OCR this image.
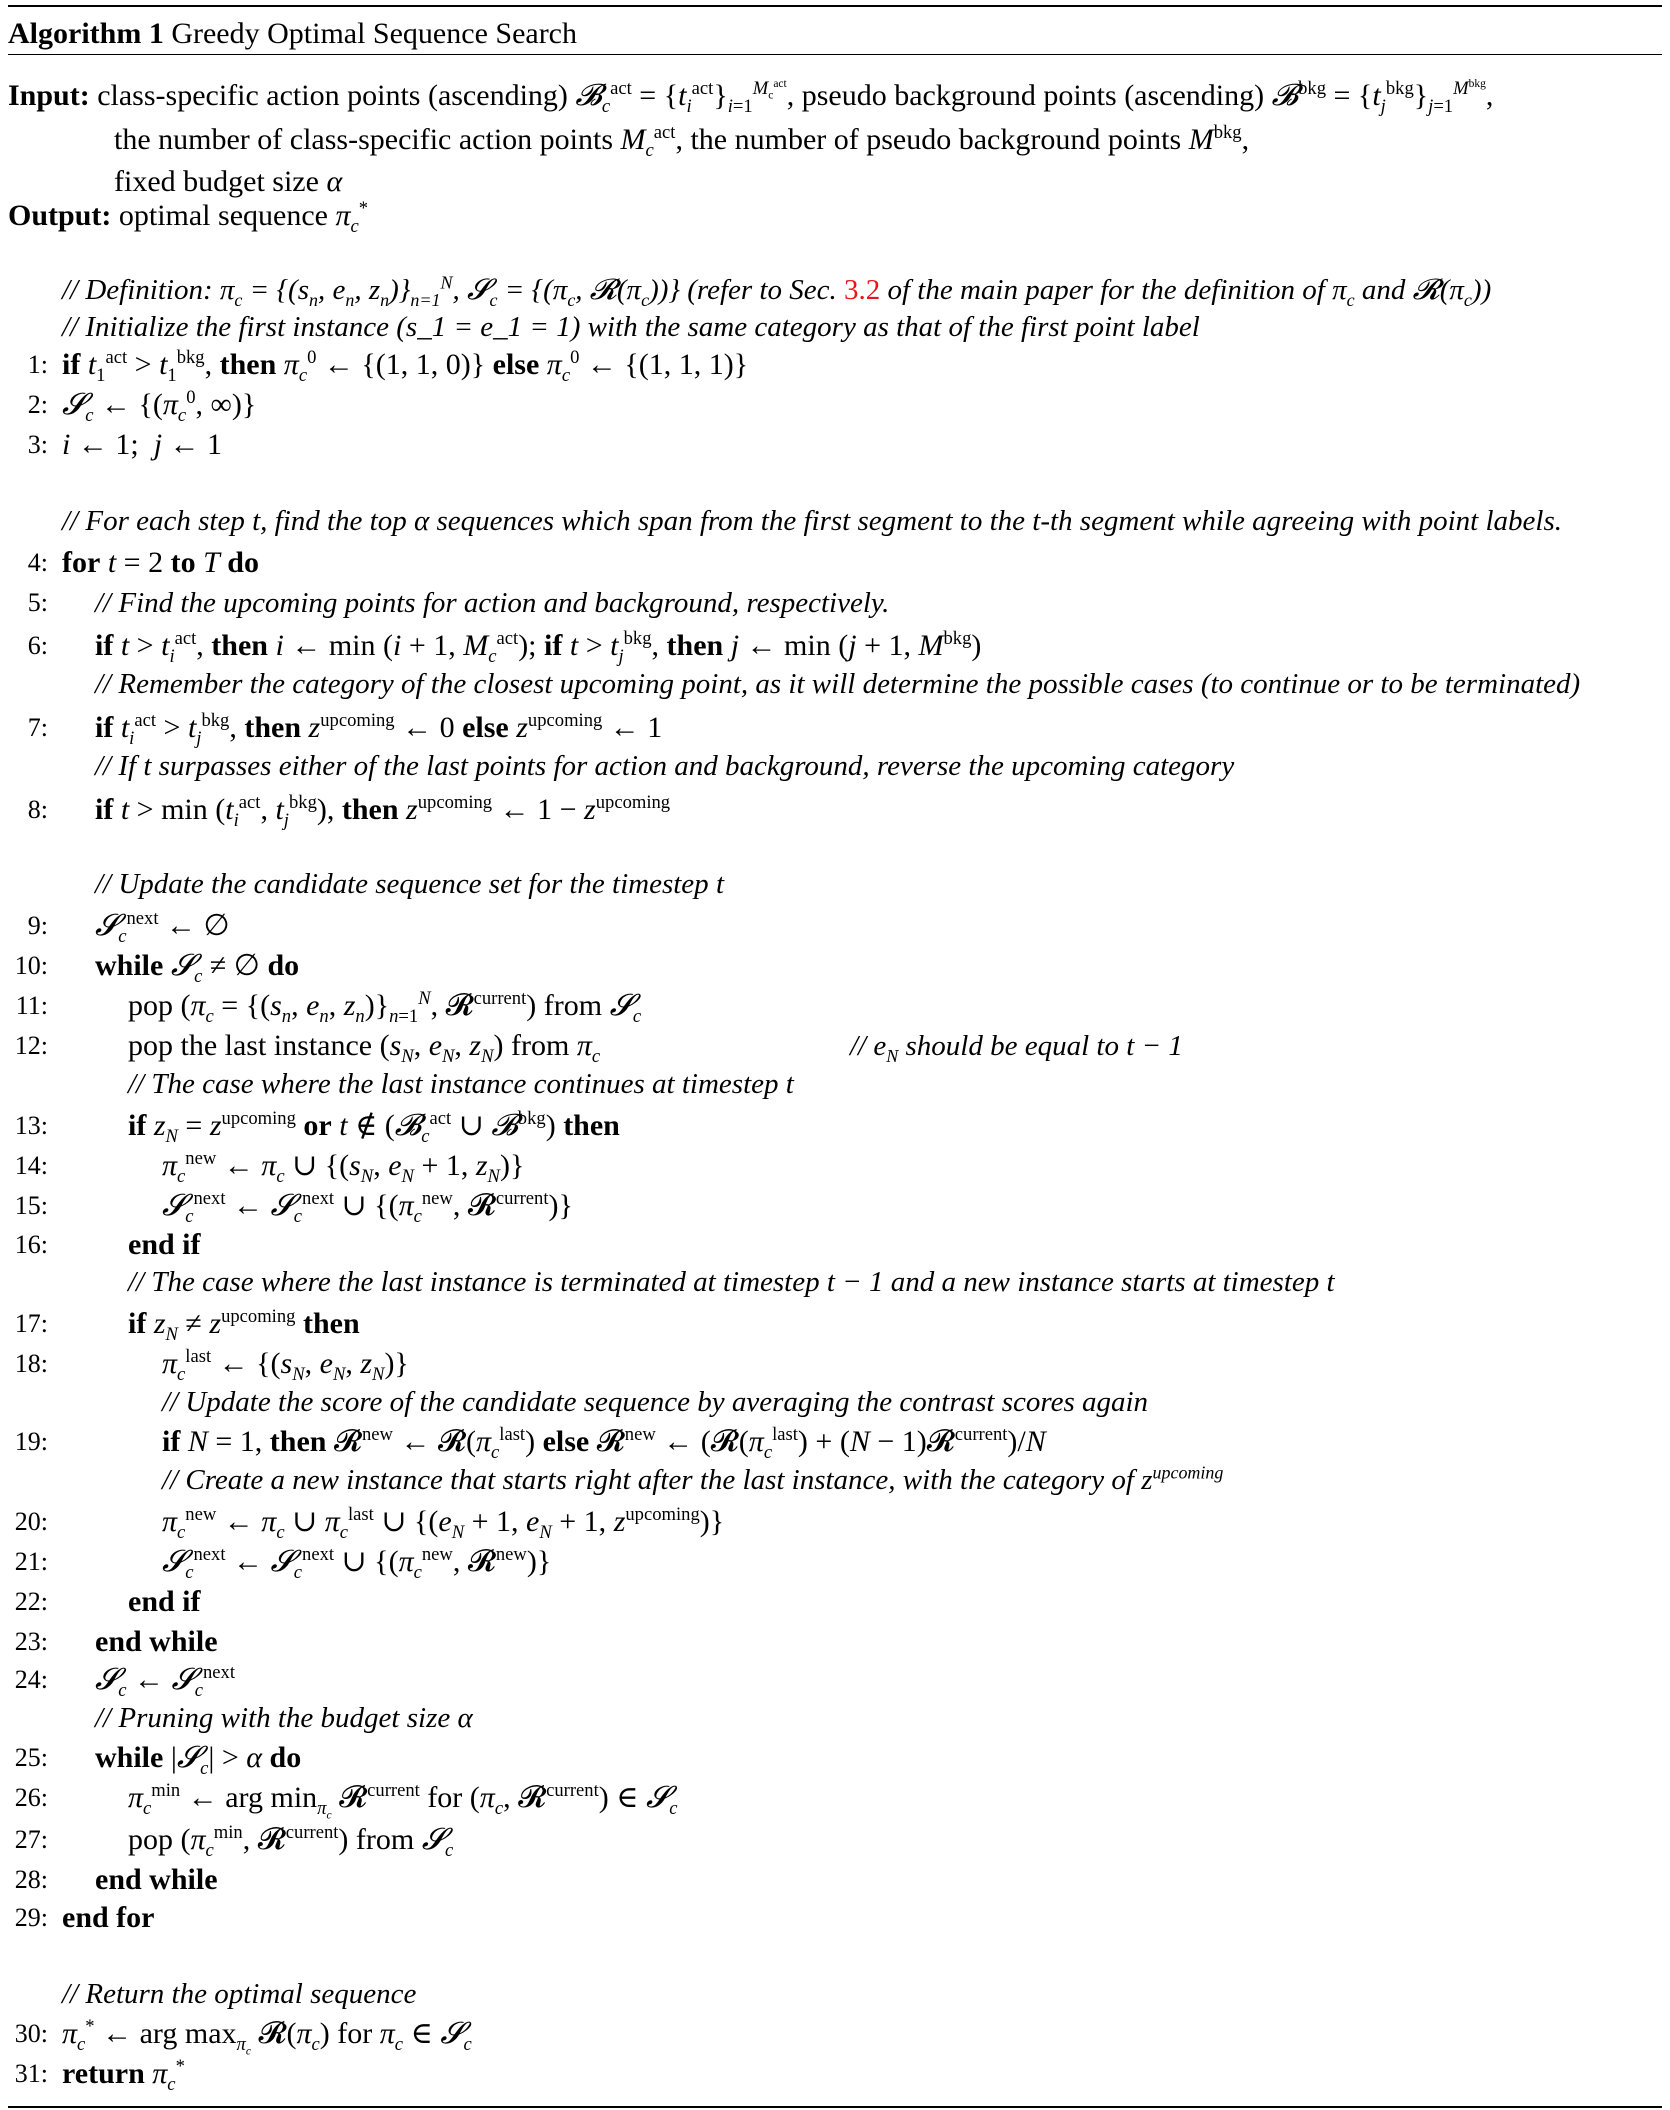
Algorithm 1 Greedy Optimal Sequence Search
Input: class-specific action points (ascending) 𝓑$_c^{act}$ = $\{t_i^{act}\}_{i=1}^{M_c^{act}}$, pseudo background points (ascending) 𝓑$^{bkg}$ = $\{t_j^{bkg}\}_{j=1}^{M^{bkg}}$,
the number of class-specific action points $M_c^{act}$, the number of pseudo background points $M^{bkg}$,
fixed budget size α
Output: optimal sequence $\pi_c^*$
// Definition: $\pi_c = \{(s_n$, $e_n$, $z_n)\}_{n=1}^N$, 𝓢$_c$ = {($\pi_c$, $𝓡(\pi_c)$)} (refer to Sec. 3.2 of the main paper for the definition of $\pi_c$ and $𝓡(\pi_c)$)
// Initialize the first instance (s_1 = e_1 = 1) with the same category as that of the first point label
1: if $t_1^{act} > t_1^{bkg}$, then $\pi_c^0$ ← {(1, 1, 0)} else $\pi_c^0$ ← {(1, 1, 1)}
2: 𝓢$_c$ ← {($\pi_c^0$, ∞)}
3: i ← 1;  j ← 1
// For each step t, find the top α sequences which span from the first segment to the t-th segment while agreeing with point labels.
4: for t = 2 to T do
5: // Find the upcoming points for action and background, respectively.
6: if $t > t_i^{act}$, then i ← min (i + 1, $M_c^{act}$); if $t > t_j^{bkg}$, then j ← min (j + 1, $M^{bkg}$)
// Remember the category of the closest upcoming point, as it will determine the possible cases (to continue or to be terminated)
7: if $t_i^{act} > t_j^{bkg}$, then $z^{upcoming}$ ← 0 else $z^{upcoming}$ ← 1
// If t surpasses either of the last points for action and background, reverse the upcoming category
8: if $t > \min (t_i^{act}$, $t_j^{bkg}$), then $z^{upcoming}$ ← $1 - z^{upcoming}$
// Update the candidate sequence set for the timestep t
9: 𝓢$_c^{next}$ ← ∅
10: while 𝓢$_c$ ≠ ∅ do
11:	pop ($\pi_c = \{(s_n$, $e_n$, $z_n)\}_{n=1}^N$, 𝓡$^{current}$) from 𝓢$_c$
12:	pop the last instance ($s_N$, $e_N$, $z_N$) from $\pi_c$	// $e_N$ should be equal to t − 1
// The case where the last instance continues at timestep t
13:	if $z_N = z^{upcoming}$ or t ∉ (𝓑$_c^{act}$ ∪ 𝓑$^{bkg}$) then
14:	$\pi_c^{new}$ ← $\pi_c$ ∪ {($s_N$, $e_N + 1$, $z_N$)}
15:	𝓢$_c^{next}$ ← 𝓢$_c^{next}$ ∪ {($\pi_c^{new}$, 𝓡$^{current}$)}
16:	end if
// The case where the last instance is terminated at timestep t − 1 and a new instance starts at timestep t
17:	if $z_N \ne z^{upcoming}$ then
18:	$\pi_c^{last}$ ← {($s_N$, $e_N$, $z_N$)}
// Update the score of the candidate sequence by averaging the contrast scores again
19:	if N = 1, then 𝓡$^{new}$ ← $𝓡(\pi_c^{last})$ else 𝓡$^{new}$ ← ($𝓡(\pi_c^{last}) + (N$ − 1)𝓡$^{current}$)/N
// Create a new instance that starts right after the last instance, with the category of $z^{upcoming}$
20:	$\pi_c^{new}$ ← $\pi_c$ ∪ $\pi_c^{last}$ ∪ {($e_N + 1$, $e_N + 1$, $z^{upcoming}$)}
21:	𝓢$_c^{next}$ ← 𝓢$_c^{next}$ ∪ {($\pi_c^{new}$, 𝓡$^{new}$)}
22:	end if
23: end while
24: 𝓢$_c$ ← 𝓢$_c^{next}$
// Pruning with the budget size α
25: while |𝓢$_c$| > α do
26:	$\pi_c^{min}$ ← arg $\min_{\pi_c}$ 𝓡$^{current}$ for ($\pi_c$, 𝓡$^{current}$) ∈ 𝓢$_c$
27:	pop ($\pi_c^{min}$, 𝓡$^{current}$) from 𝓢$_c$
28: end while
29: end for
// Return the optimal sequence
30: $\pi_c^*$ ← arg $\max_{\pi_c}$ $𝓡(\pi_c)$ for $\pi_c$ ∈ 𝓢$_c$
31: return $\pi_c^*$
